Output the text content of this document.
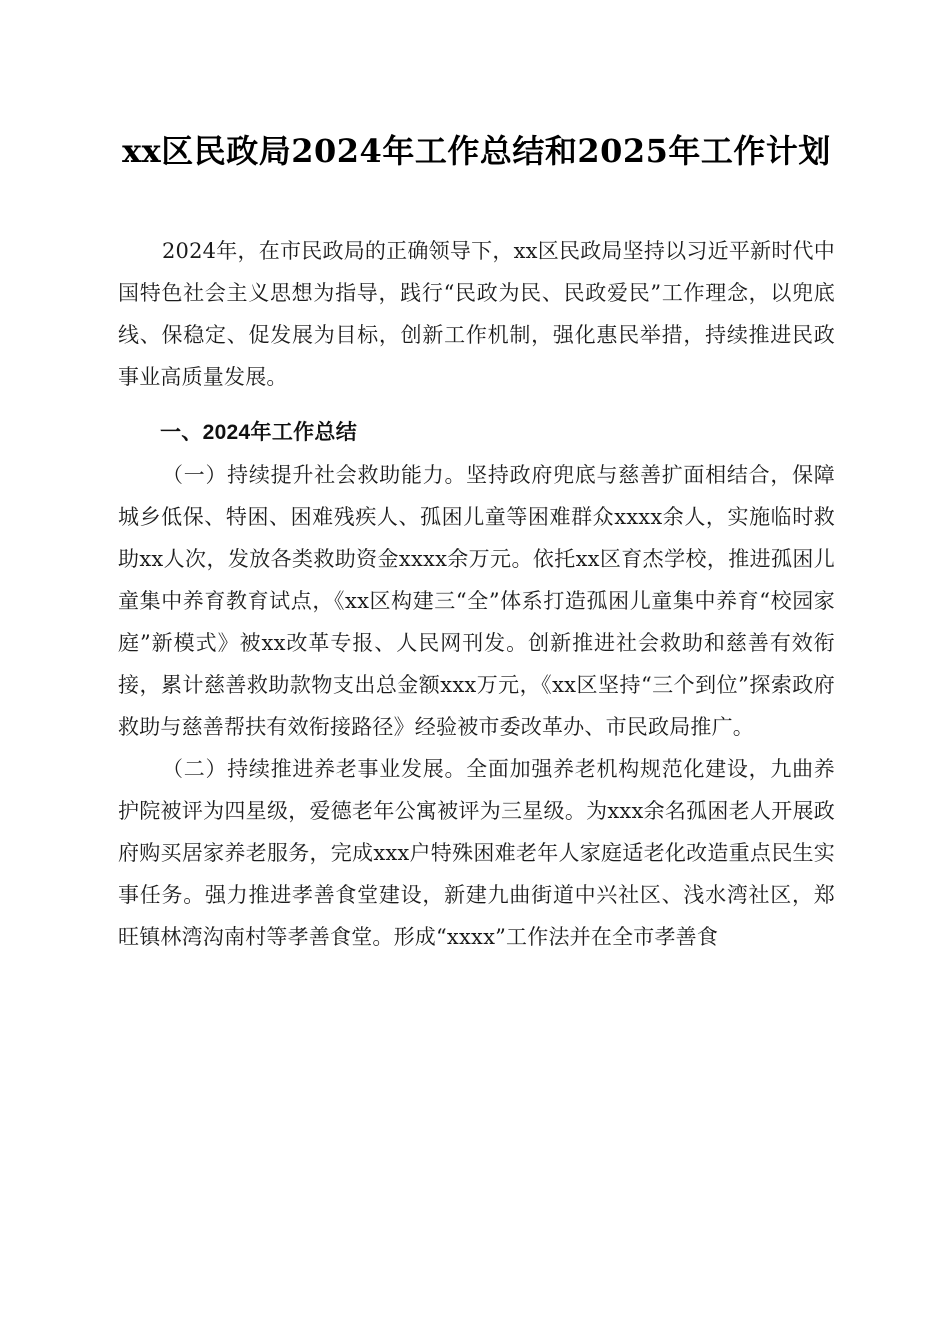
xx区民政局2024年工作总结和2025年工作计划

2024年，在市民政局的正确领导下，xx区民政局坚持以习近平新时代中国特色社会主义思想为指导，践行“民政为民、民政爱民”工作理念，以兜底线、保稳定、促发展为目标，创新工作机制，强化惠民举措，持续推进民政事业高质量发展。

一、2024年工作总结

（一）持续提升社会救助能力。坚持政府兜底与慈善扩面相结合，保障城乡低保、特困、困难残疾人、孤困儿童等困难群众xxxx余人，实施临时救助xx人次，发放各类救助资金xxxx余万元。依托xx区育杰学校，推进孤困儿童集中养育教育试点，《xx区构建三“全”体系打造孤困儿童集中养育“校园家庭”新模式》被xx改革专报、人民网刊发。创新推进社会救助和慈善有效衔接，累计慈善救助款物支出总金额xxx万元，《xx区坚持“三个到位”探索政府救助与慈善帮扶有效衔接路径》经验被市委改革办、市民政局推广。

（二）持续推进养老事业发展。全面加强养老机构规范化建设，九曲养护院被评为四星级，爱德老年公寓被评为三星级。为xxx余名孤困老人开展政府购买居家养老服务，完成xxx户特殊困难老年人家庭适老化改造重点民生实事任务。强力推进孝善食堂建设，新建九曲街道中兴社区、浅水湾社区，郑旺镇林湾沟南村等孝善食堂。形成“xxxx”工作法并在全市孝善食
